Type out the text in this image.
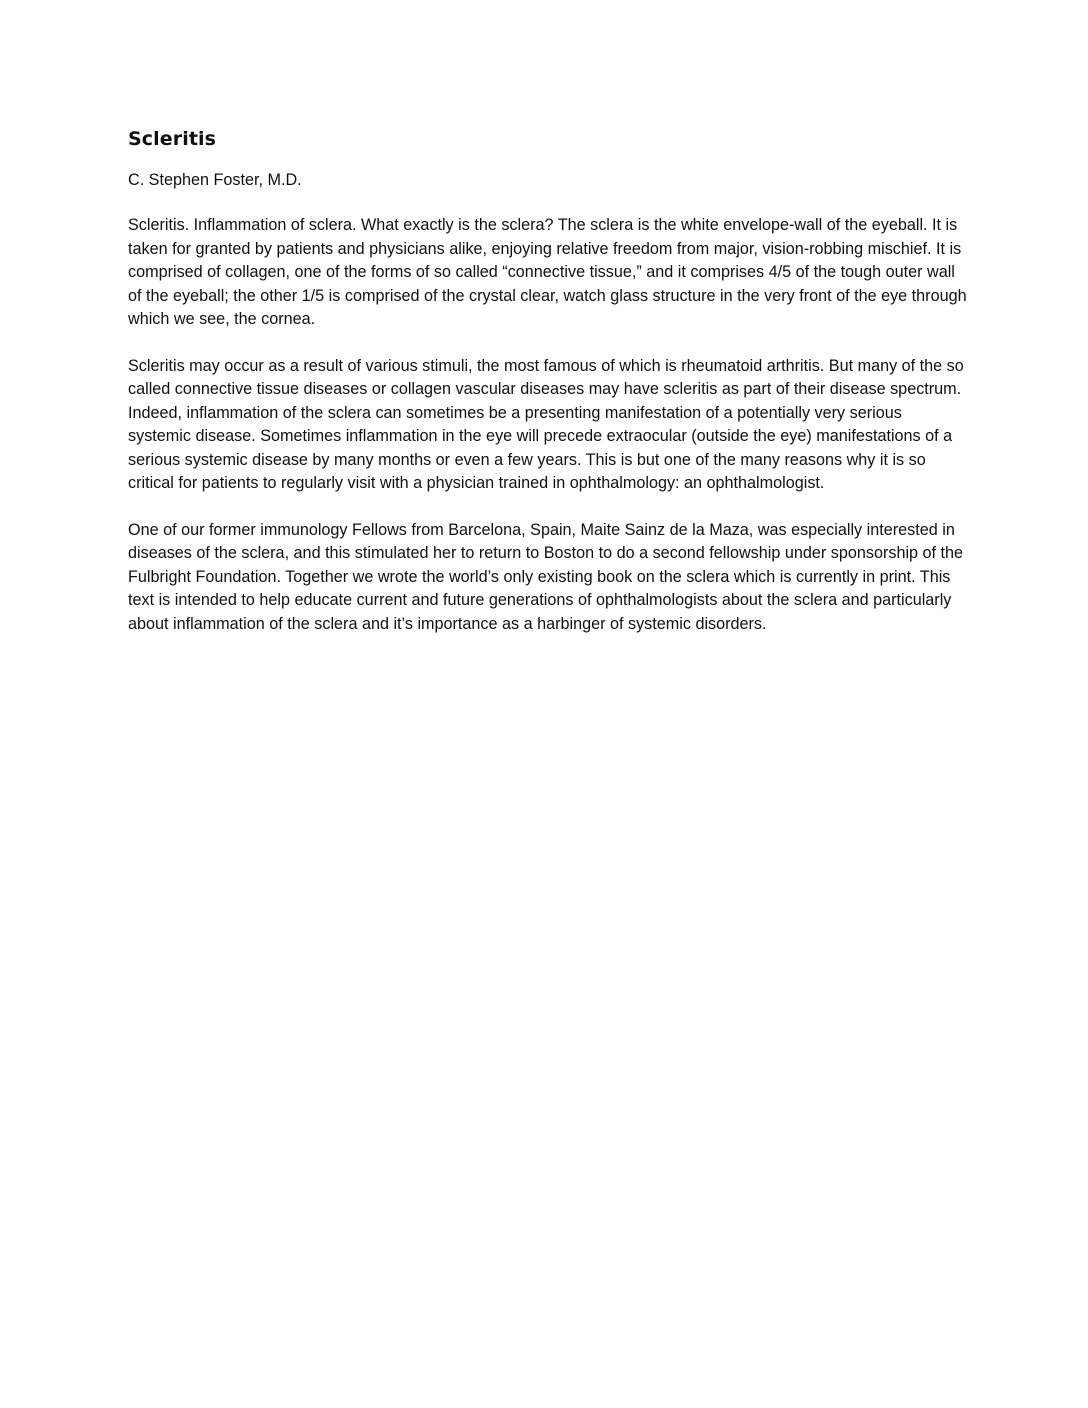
Scleritis

C. Stephen Foster, M.D.

Scleritis. Inflammation of sclera. What exactly is the sclera? The sclera is the white envelope-wall of the eyeball. It is taken for granted by patients and physicians alike, enjoying relative freedom from major, vision-robbing mischief. It is comprised of collagen, one of the forms of so called “connective tissue,” and it comprises 4/5 of the tough outer wall of the eyeball; the other 1/5 is comprised of the crystal clear, watch glass structure in the very front of the eye through which we see, the cornea.

Scleritis may occur as a result of various stimuli, the most famous of which is rheumatoid arthritis. But many of the so called connective tissue diseases or collagen vascular diseases may have scleritis as part of their disease spectrum. Indeed, inflammation of the sclera can sometimes be a presenting manifestation of a potentially very serious systemic disease. Sometimes inflammation in the eye will precede extraocular (outside the eye) manifestations of a serious systemic disease by many months or even a few years. This is but one of the many reasons why it is so critical for patients to regularly visit with a physician trained in ophthalmology: an ophthalmologist.

One of our former immunology Fellows from Barcelona, Spain, Maite Sainz de la Maza, was especially interested in diseases of the sclera, and this stimulated her to return to Boston to do a second fellowship under sponsorship of the Fulbright Foundation. Together we wrote the world’s only existing book on the sclera which is currently in print. This text is intended to help educate current and future generations of ophthalmologists about the sclera and particularly about inflammation of the sclera and it’s importance as a harbinger of systemic disorders.
